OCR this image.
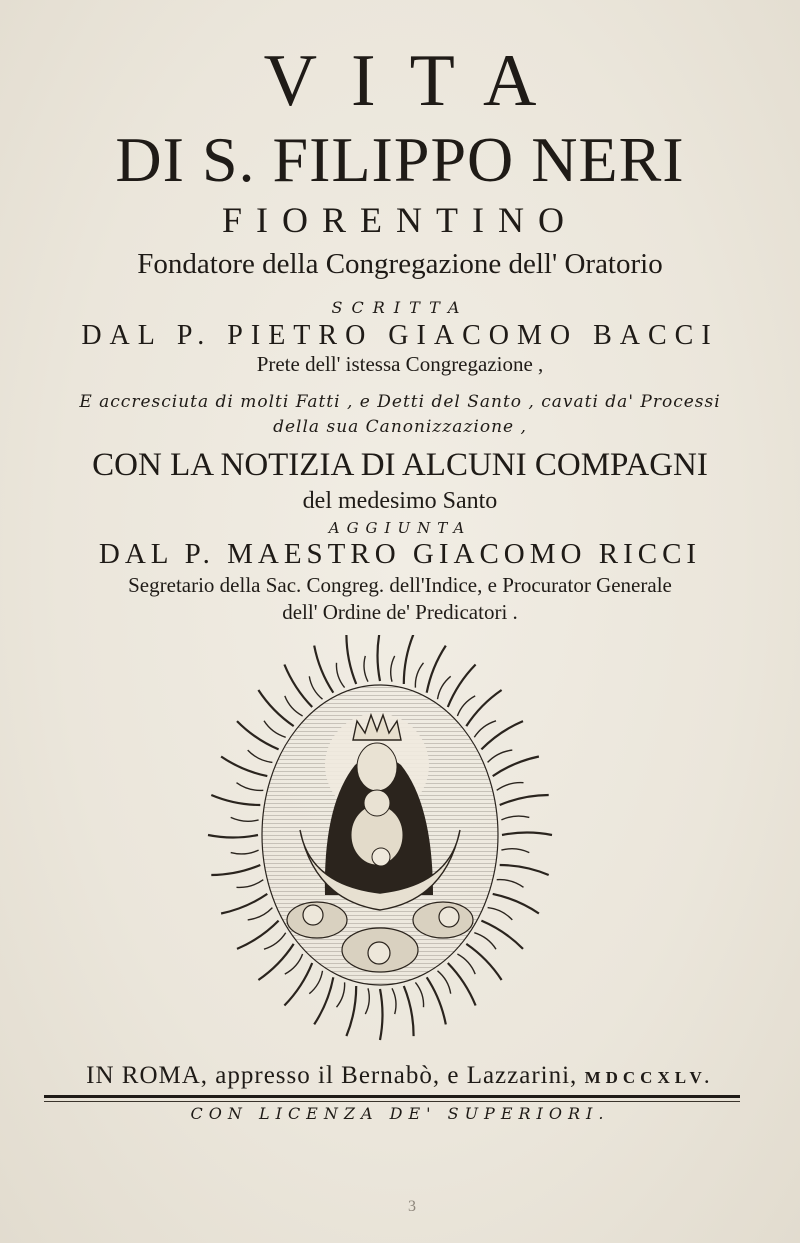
VITA
DI S. FILIPPO NERI
FIORENTINO
Fondatore della Congregazione dell' Oratorio
SCRITTA
DAL P. PIETRO GIACOMO BACCI
Prete dell' istessa Congregazione ,
E accresciuta di molti Fatti , e Detti del Santo , cavati da' Processi
della sua Canonizzazione ,
CON LA NOTIZIA DI ALCUNI COMPAGNI
del medesimo Santo
AGGIUNTA
DAL P. MAESTRO GIACOMO RICCI
Segretario della Sac. Congreg. dell'Indice, e Procurator Generale
dell' Ordine de' Predicatori .
IN ROMA, appresso il Bernabò, e Lazzarini, MDCCXLV.
CON LICENZA DE' SUPERIORI.
3
